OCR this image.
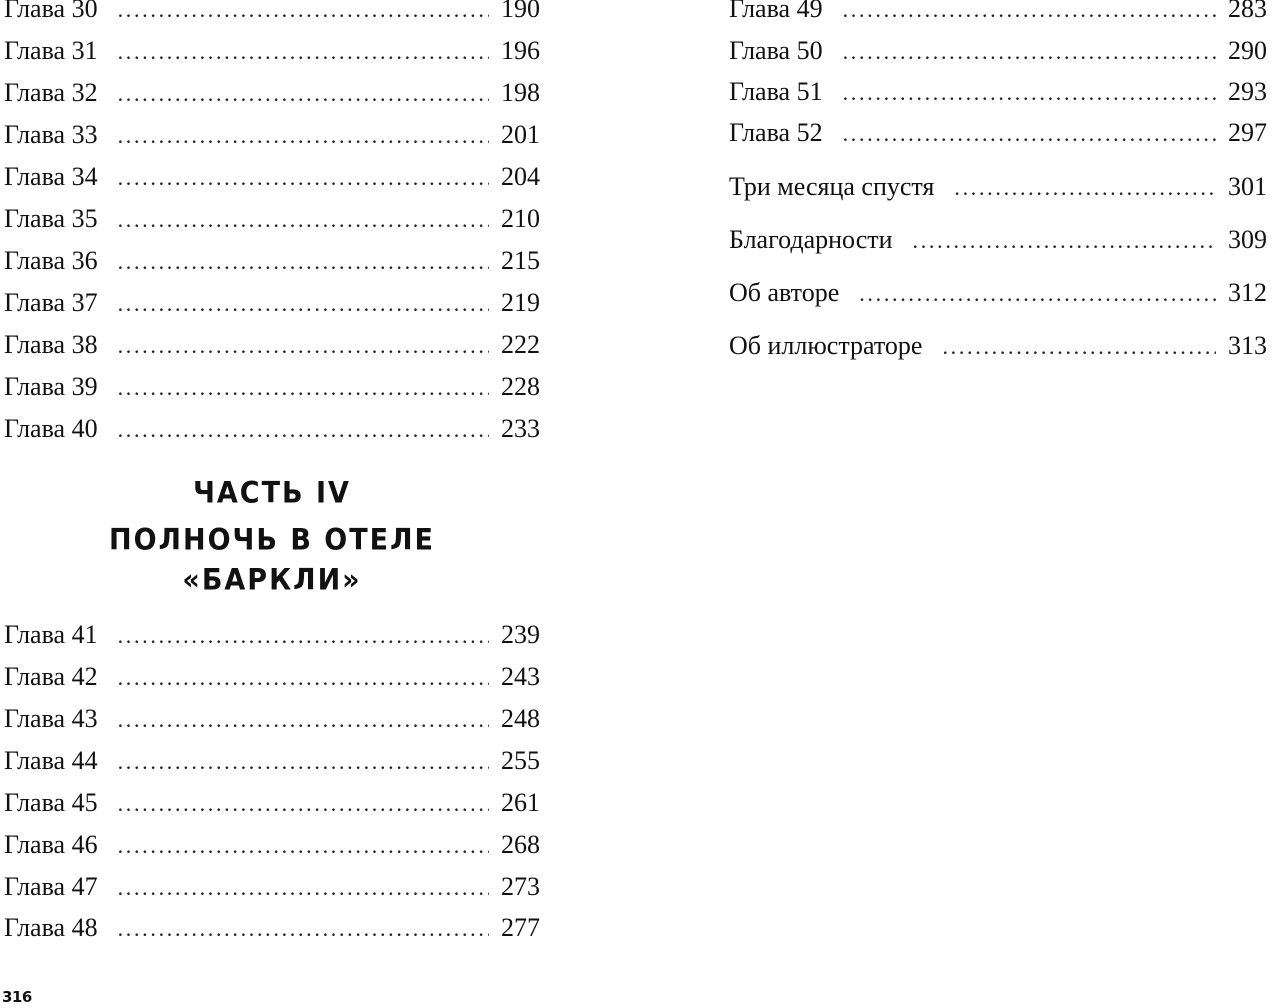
Глава 30 . . .	190
Глава 31 . . .	196
Глава 32 . . .	198
Глава 33 . . .	201
Глава 34 . . .	204
Глава 35 . . .	210
Глава 36 . . .	215
Глава 37 . . .	219
Глава 38 . . .	222
Глава 39 . . .	228
Глава 40 . . .	233
ЧАСТЬ IV
ПОЛНОЧЬ В ОТЕЛЕ
«БАРКЛИ»
Глава 41 . . .	239
Глава 42 . . .	243
Глава 43 . . .	248
Глава 44 . . .	255
Глава 45 . . .	261
Глава 46 . . .	268
Глава 47 . . .	273
Глава 48 . . .	277
Глава 49 . . .	283
Глава 50 . . .	290
Глава 51 . . .	293
Глава 52 . . .	297
Три месяца спустя . . .	301
Благодарности . . .	309
Об авторе . . .	312
Об иллюстраторе . . .	313
316
